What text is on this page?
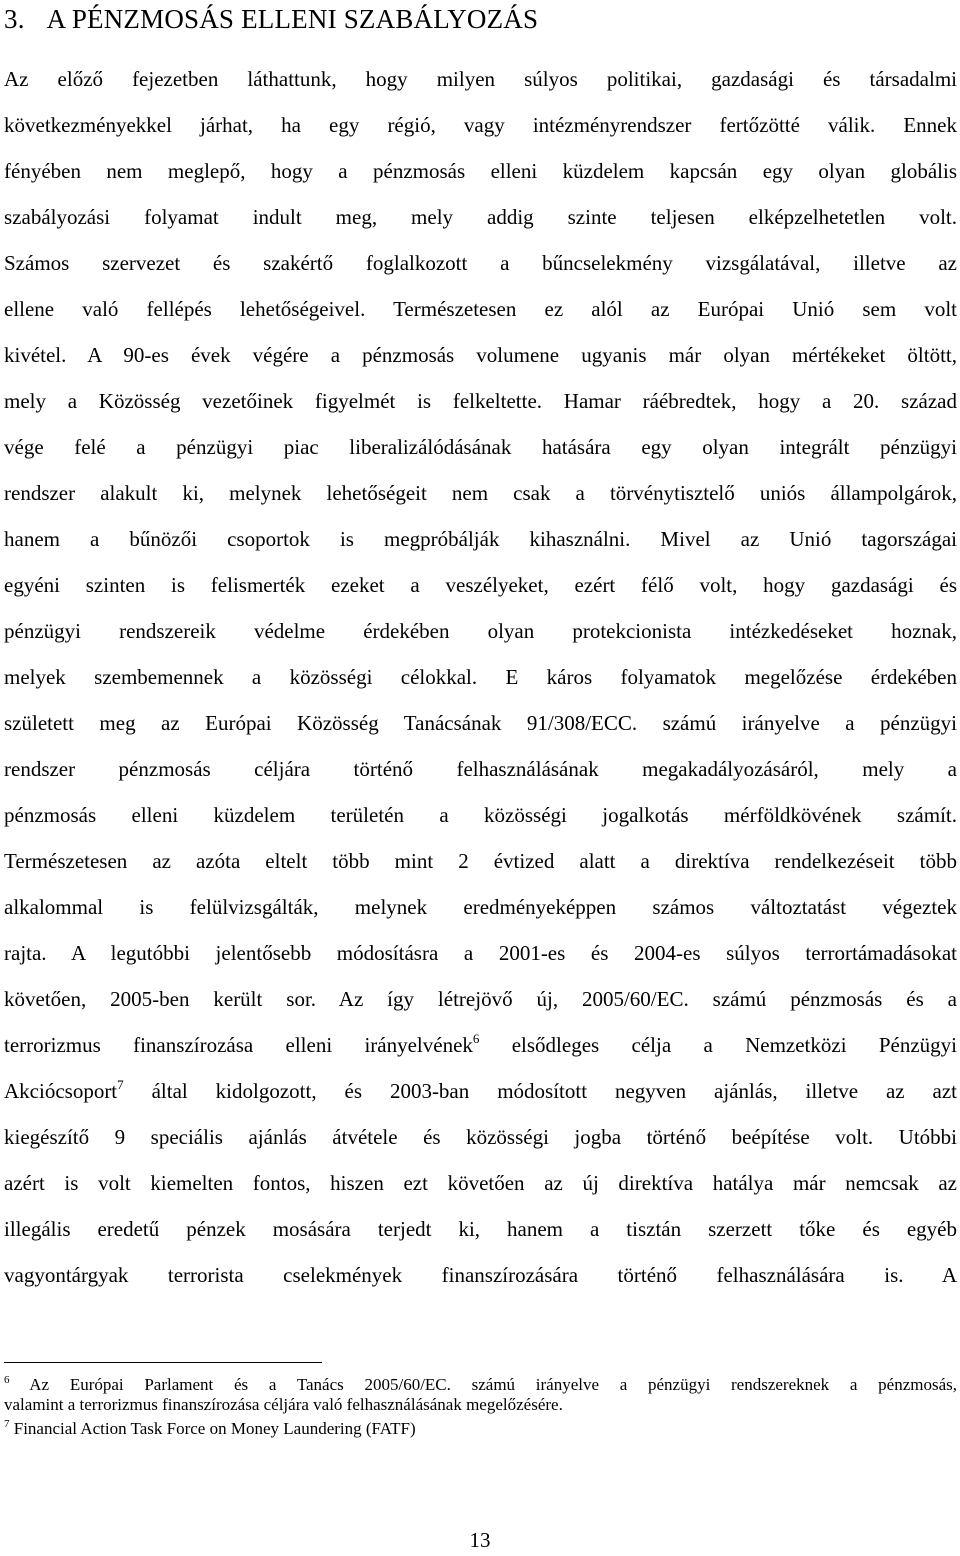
3. A PÉNZMOSÁS ELLENI SZABÁLYOZÁS
Az előző fejezetben láthattunk, hogy milyen súlyos politikai, gazdasági és társadalmi
következményekkel járhat, ha egy régió, vagy intézményrendszer fertőzötté válik. Ennek
fényében nem meglepő, hogy a pénzmosás elleni küzdelem kapcsán egy olyan globális
szabályozási folyamat indult meg, mely addig szinte teljesen elképzelhetetlen volt.
Számos szervezet és szakértő foglalkozott a bűncselekmény vizsgálatával, illetve az
ellene való fellépés lehetőségeivel. Természetesen ez alól az Európai Unió sem volt
kivétel. A 90-es évek végére a pénzmosás volumene ugyanis már olyan mértékeket öltött,
mely a Közösség vezetőinek figyelmét is felkeltette. Hamar ráébredtek, hogy a 20. század
vége felé a pénzügyi piac liberalizálódásának hatására egy olyan integrált pénzügyi
rendszer alakult ki, melynek lehetőségeit nem csak a törvénytisztelő uniós állampolgárok,
hanem a bűnözői csoportok is megpróbálják kihasználni. Mivel az Unió tagországai
egyéni szinten is felismerték ezeket a veszélyeket, ezért félő volt, hogy gazdasági és
pénzügyi rendszereik védelme érdekében olyan protekcionista intézkedéseket hoznak,
melyek szembemennek a közösségi célokkal. E káros folyamatok megelőzése érdekében
született meg az Európai Közösség Tanácsának 91/308/ECC. számú irányelve a pénzügyi
rendszer pénzmosás céljára történő felhasználásának megakadályozásáról, mely a
pénzmosás elleni küzdelem területén a közösségi jogalkotás mérföldkövének számít.
Természetesen az azóta eltelt több mint 2 évtized alatt a direktíva rendelkezéseit több
alkalommal is felülvizsgálták, melynek eredményeképpen számos változtatást végeztek
rajta. A legutóbbi jelentősebb módosításra a 2001-es és 2004-es súlyos terrortámadásokat
követően, 2005-ben került sor. Az így létrejövő új, 2005/60/EC. számú pénzmosás és a
terrorizmus finanszírozása elleni irányelvének$^6$ elsődleges célja a Nemzetközi Pénzügyi
Akciócsoport$^7$ által kidolgozott, és 2003-ban módosított negyven ajánlás, illetve az azt
kiegészítő 9 speciális ajánlás átvétele és közösségi jogba történő beépítése volt. Utóbbi
azért is volt kiemelten fontos, hiszen ezt követően az új direktíva hatálya már nemcsak az
illegális eredetű pénzek mosására terjedt ki, hanem a tisztán szerzett tőke és egyéb
vagyontárgyak terrorista cselekmények finanszírozására történő felhasználására is. A
$^6$ Az Európai Parlament és a Tanács 2005/60/EC. számú irányelve a pénzügyi rendszereknek a pénzmosás,
valamint a terrorizmus finanszírozása céljára való felhasználásának megelőzésére.
$^7$ Financial Action Task Force on Money Laundering (FATF)
13
